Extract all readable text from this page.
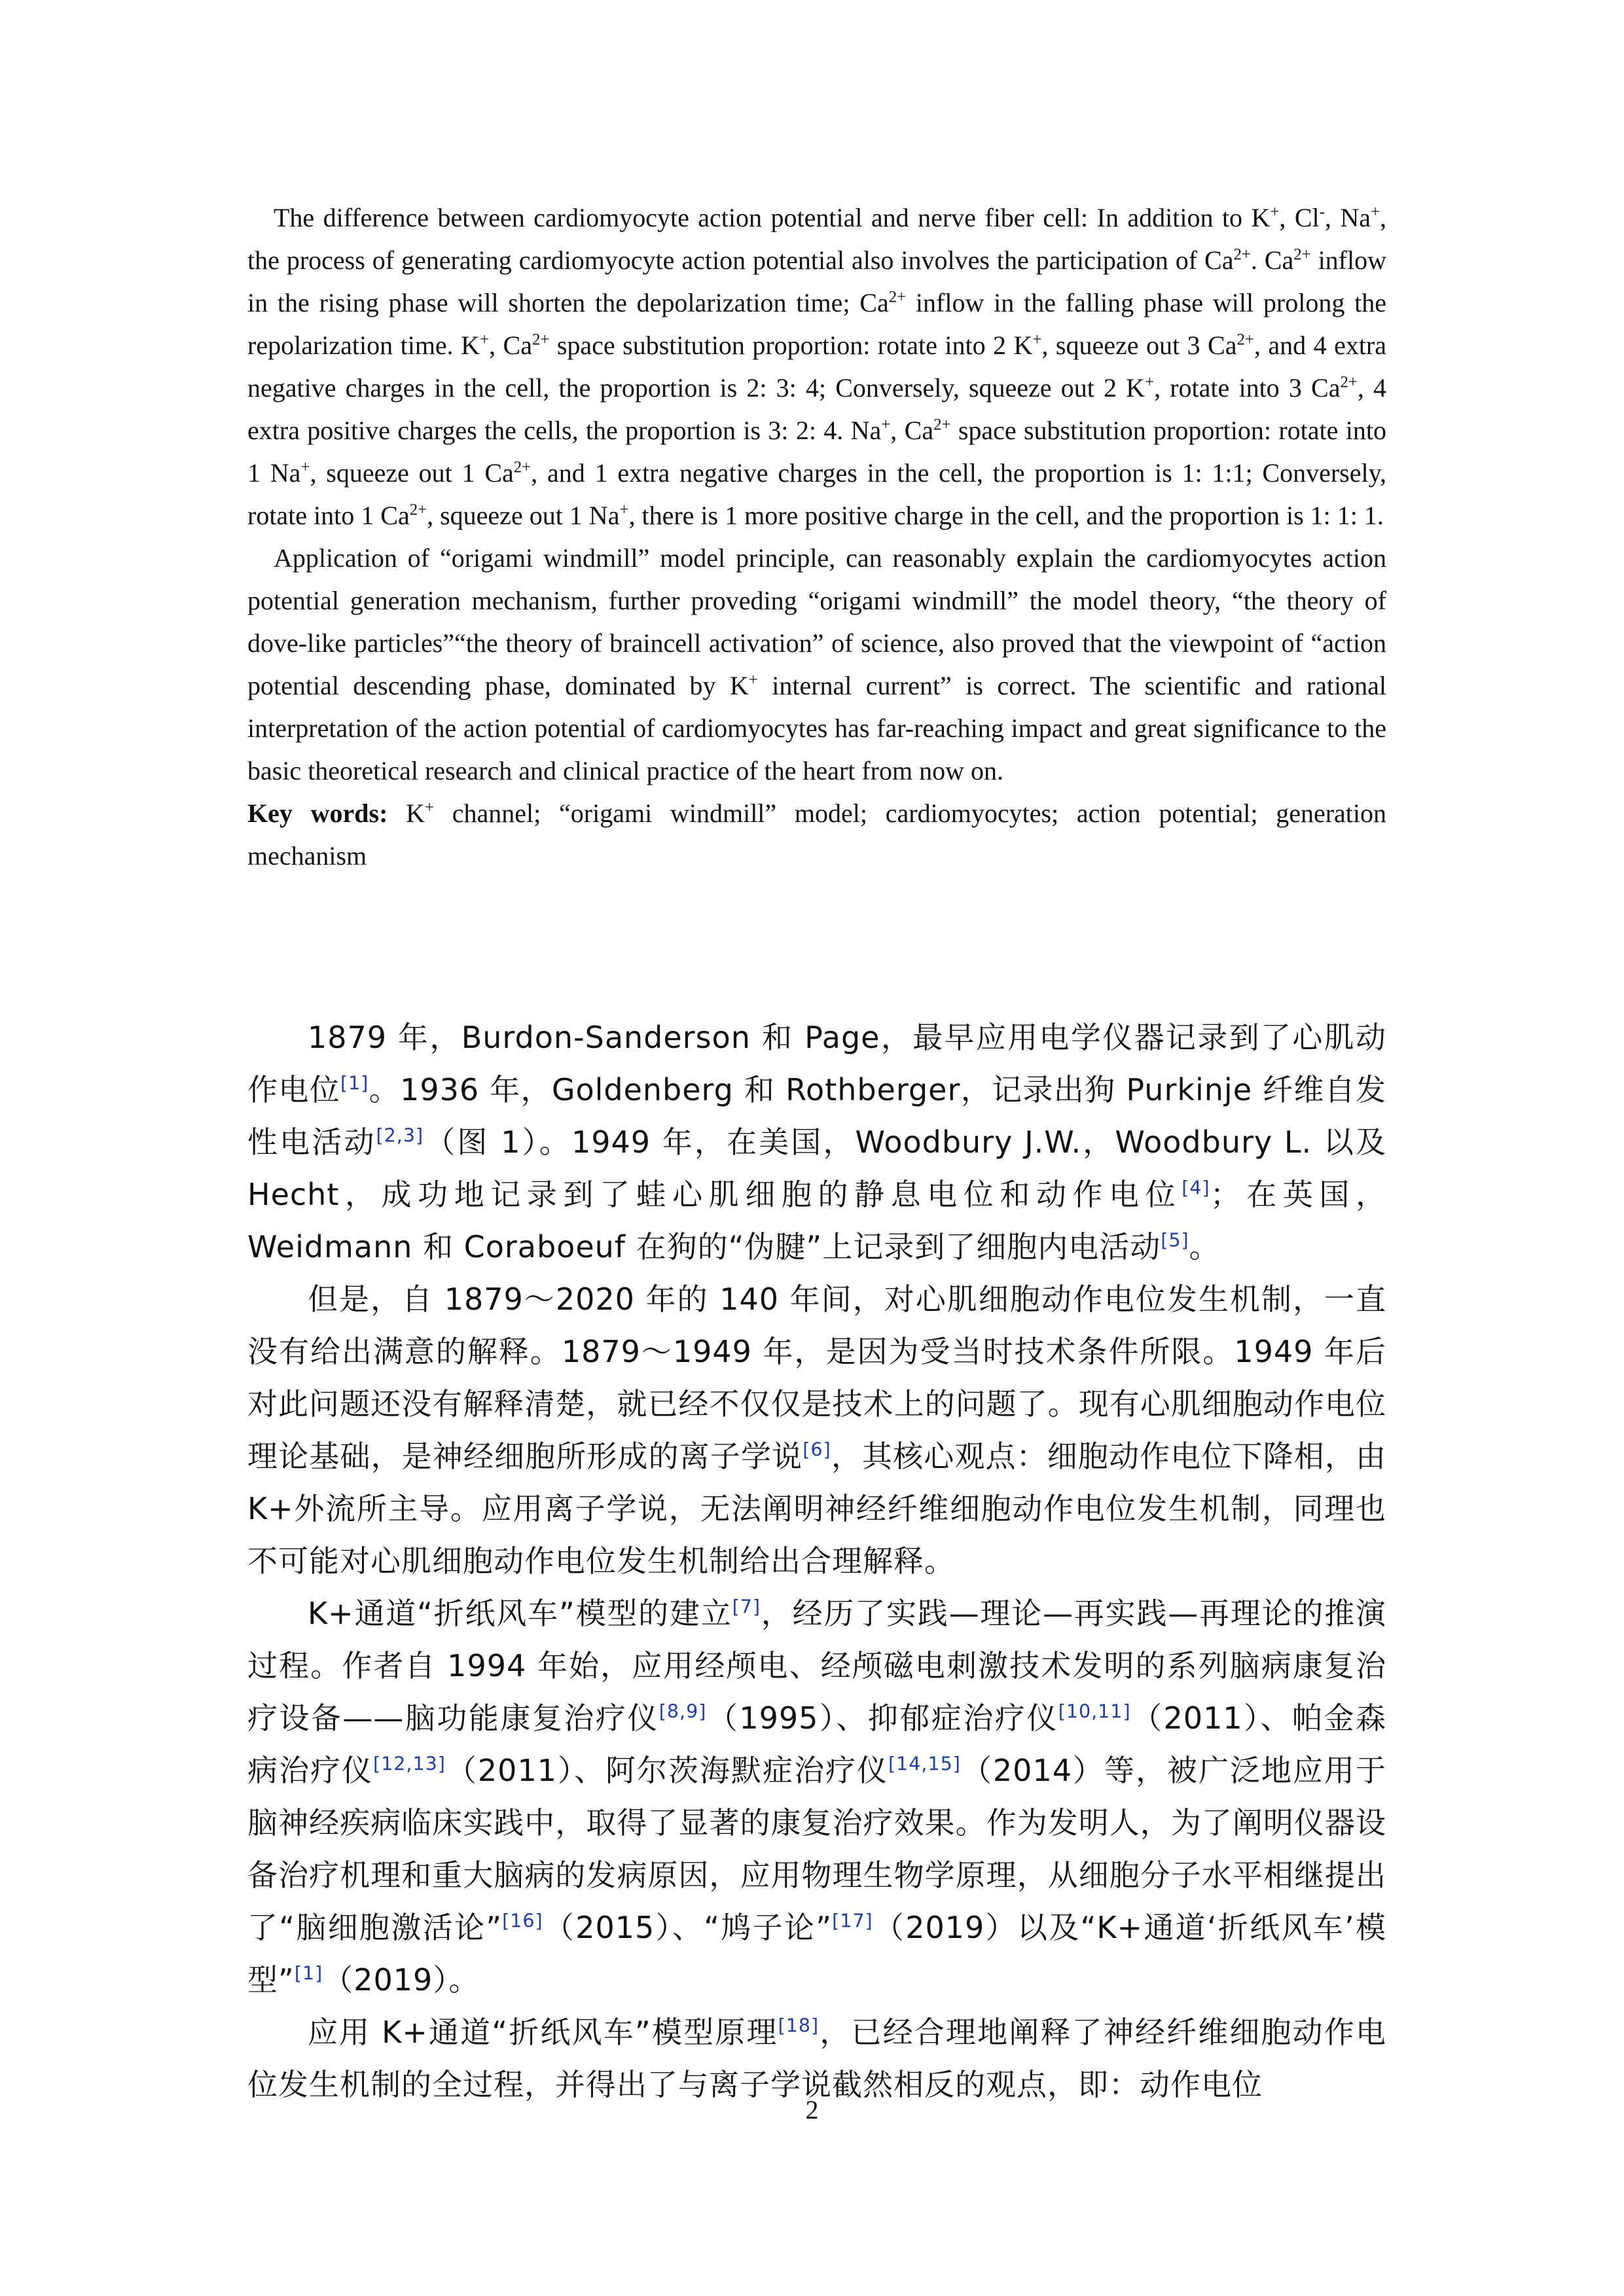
The difference between cardiomyocyte action potential and nerve fiber cell: In addition to K+, Cl-, Na+, the process of generating cardiomyocyte action potential also involves the participation of $Ca^{2+}$. $Ca^{2+}$ inflow in the rising phase will shorten the depolarization time; $Ca^{2+}$ inflow in the falling phase will prolong the repolarization time. K+, $Ca^{2+}$ space substitution proportion: rotate into 2 K+, squeeze out 3 $Ca^{2+}$, and 4 extra negative charges in the cell, the proportion is 2: 3: 4; Conversely, squeeze out 2 K+, rotate into 3 $Ca^{2+}$, 4 extra positive charges the cells, the proportion is 3: 2: 4. Na+, $Ca^{2+}$ space substitution proportion: rotate into 1 Na+, squeeze out 1 $Ca^{2+}$, and 1 extra negative charges in the cell, the proportion is 1: 1:1; Conversely, rotate into 1 $Ca^{2+}$, squeeze out 1 Na+, there is 1 more positive charge in the cell, and the proportion is 1: 1: 1.

Application of “origami windmill” model principle, can reasonably explain the cardiomyocytes action potential generation mechanism, further proveding “origami windmill” the model theory, “the theory of dove-like particles”“the theory of braincell activation” of science, also proved that the viewpoint of “action potential descending phase, dominated by K+ internal current” is correct. The scientific and rational interpretation of the action potential of cardiomyocytes has far-reaching impact and great significance to the basic theoretical research and clinical practice of the heart from now on.

Key words: K+ channel; “origami windmill” model; cardiomyocytes; action potential; generation mechanism

1879 年，Burdon-Sanderson 和 Page，最早应用电学仪器记录到了心肌动作电位[1]。1936 年，Goldenberg 和 Rothberger，记录出狗 Purkinje 纤维自发性电活动[2,3]（图 1）。1949 年，在美国，Woodbury J.W.，Woodbury L. 以及 Hecht，成功地记录到了蛙心肌细胞的静息电位和动作电位[4]；在英国，Weidmann 和 Coraboeuf 在狗的“伪腱”上记录到了细胞内电活动[5]。

但是，自 1879～2020 年的 140 年间，对心肌细胞动作电位发生机制，一直没有给出满意的解释。1879～1949 年，是因为受当时技术条件所限。1949 年后对此问题还没有解释清楚，就已经不仅仅是技术上的问题了。现有心肌细胞动作电位理论基础，是神经细胞所形成的离子学说[6]，其核心观点：细胞动作电位下降相，由 K+外流所主导。应用离子学说，无法阐明神经纤维细胞动作电位发生机制，同理也不可能对心肌细胞动作电位发生机制给出合理解释。

K+通道“折纸风车”模型的建立[7]，经历了实践—理论—再实践—再理论的推演过程。作者自 1994 年始，应用经颅电、经颅磁电刺激技术发明的系列脑病康复治疗设备——脑功能康复治疗仪[8,9]（1995）、抑郁症治疗仪[10,11]（2011）、帕金森病治疗仪[12,13]（2011）、阿尔茨海默症治疗仪[14,15]（2014）等，被广泛地应用于脑神经疾病临床实践中，取得了显著的康复治疗效果。作为发明人，为了阐明仪器设备治疗机理和重大脑病的发病原因，应用物理生物学原理，从细胞分子水平相继提出了“脑细胞激活论”[16]（2015）、“鸠子论”[17]（2019）以及“K+通道‘折纸风车’模型”[1]（2019）。

应用 K+通道“折纸风车”模型原理[18]，已经合理地阐释了神经纤维细胞动作电位发生机制的全过程，并得出了与离子学说截然相反的观点，即：动作电位

2
